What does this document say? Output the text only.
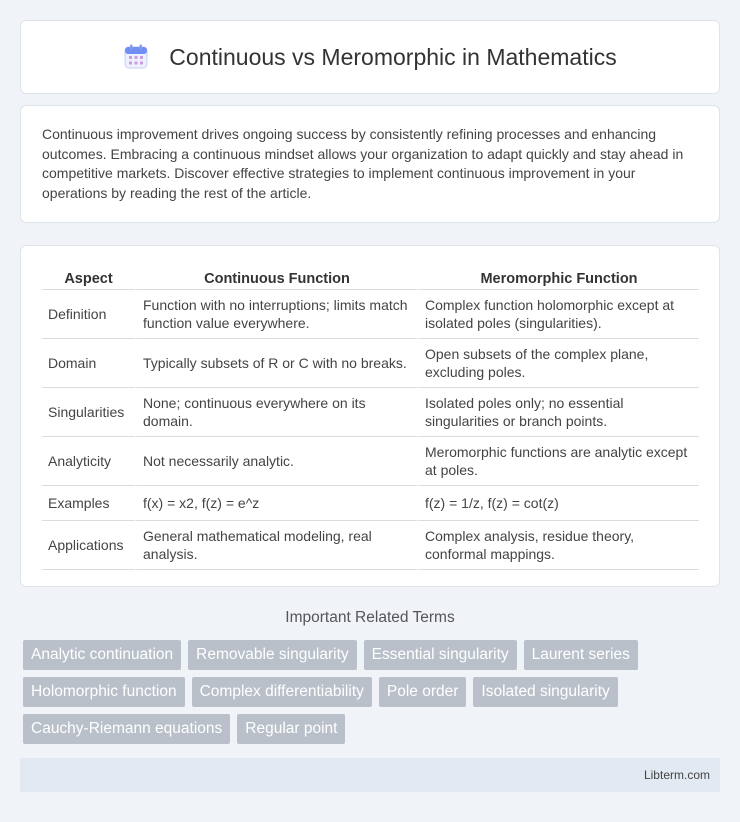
Continuous vs Meromorphic in Mathematics

Continuous improvement drives ongoing success by consistently refining processes and enhancing outcomes. Embracing a continuous mindset allows your organization to adapt quickly and stay ahead in competitive markets. Discover effective strategies to implement continuous improvement in your operations by reading the rest of the article.

Aspect	Continuous Function	Meromorphic Function
Definition	Function with no interruptions; limits match function value everywhere.	Complex function holomorphic except at isolated poles (singularities).
Domain	Typically subsets of R or C with no breaks.	Open subsets of the complex plane, excluding poles.
Singularities	None; continuous everywhere on its domain.	Isolated poles only; no essential singularities or branch points.
Analyticity	Not necessarily analytic.	Meromorphic functions are analytic except at poles.
Examples	f(x) = x2, f(z) = e^z	f(z) = 1/z, f(z) = cot(z)
Applications	General mathematical modeling, real analysis.	Complex analysis, residue theory, conformal mappings.
Important Related Terms
Analytic continuation	Removable singularity	Essential singularity	Laurent series
Holomorphic function	Complex differentiability	Pole order	Isolated singularity
Cauchy-Riemann equations	Regular point
Libterm.com
